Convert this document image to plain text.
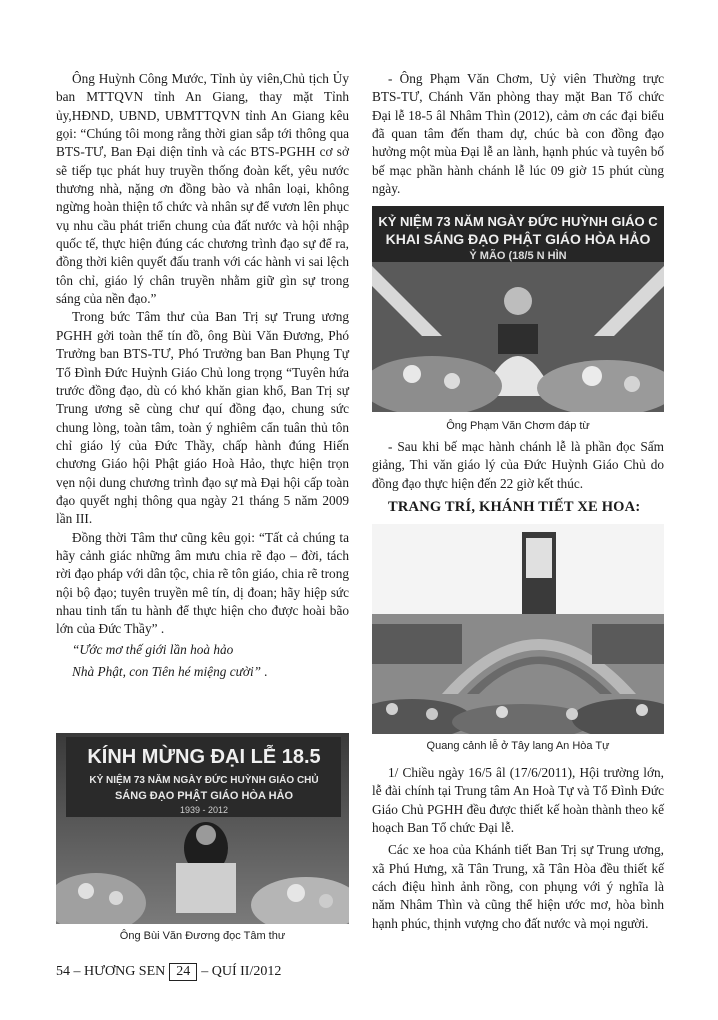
Ông Huỳnh Công Mước, Tỉnh ủy viên,Chủ tịch Ủy ban MTTQVN tỉnh An Giang, thay mặt Tỉnh ủy,HĐND, UBND, UBMTTQVN tỉnh An Giang kêu gọi: “Chúng tôi mong rằng thời gian sắp tới thông qua BTS-TƯ, Ban Đại diện tỉnh và các BTS-PGHH cơ sở sẽ tiếp tục phát huy truyền thống đoàn kết, yêu nước thương nhà, nặng ơn đồng bào và nhân loại, không ngừng hoàn thiện tổ chức và nhân sự để vươn lên phục vụ nhu cầu phát triển chung của đất nước và hội nhập quốc tế, thực hiện đúng các chương trình đạo sự để ra, đồng thời kiên quyết đấu tranh với các hành vi sai lệch tôn chỉ, giáo lý chân truyền nhằm giữ gìn sự trong sáng của nền đạo.”

Trong bức Tâm thư của Ban Trị sự Trung ương PGHH gởi toàn thể tín đồ, ông Bùi Văn Đương, Phó Trưởng ban BTS-TƯ, Phó Trưởng ban Ban Phụng Tự Tổ Đình Đức Huỳnh Giáo Chủ long trọng “Tuyên hứa trước đồng đạo, dù có khó khăn gian khổ, Ban Trị sự Trung ương sẽ cùng chư quí đồng đạo, chung sức chung lòng, toàn tâm, toàn ý nghiêm cẩn tuân thủ tôn chỉ giáo lý của Đức Thầy, chấp hành đúng Hiến chương Giáo hội Phật giáo Hoà Hảo, thực hiện trọn vẹn nội dung chương trình đạo sự mà Đại hội cấp toàn đạo quyết nghị thông qua ngày 21 tháng 5 năm 2009 lần III.

Đồng thời Tâm thư cũng kêu gọi: “Tất cả chúng ta hãy cảnh giác những âm mưu chia rẽ đạo – đời, tách rời đạo pháp với dân tộc, chia rẽ tôn giáo, chia rẽ trong nội bộ đạo; tuyên truyền mê tín, dị đoan; hãy hiệp sức nhau tinh tấn tu hành để thực hiện cho được hoài bão lớn của Đức Thầy” .

“Ước mơ thế giới lần hoà hảo

Nhà Phật, con Tiên hé miệng cười” .

KÍNH MỪNG ĐẠI LỄ 18.5
KỶ NIỆM 73 NĂM NGÀY ĐỨC HUỲNH GIÁO CHỦ
SÁNG ĐẠO PHẬT GIÁO HÒA HẢO
1939 - 2012
Ông Bùi Văn Đương đọc Tâm thư

- Ông Phạm Văn Chơm, Uỷ viên Thường trực BTS-TƯ, Chánh Văn phòng thay mặt Ban Tổ chức Đại lễ 18-5 âl Nhâm Thìn (2012), cảm ơn các đại biểu đã quan tâm đến tham dự, chúc bà con đồng đạo hưởng một mùa Đại lễ an lành, hạnh phúc và tuyên bố bế mạc phần hành chánh lễ lúc 09 giờ 15 phút cùng ngày.

KỶ NIỆM 73 NĂM NGÀY ĐỨC HUỲNH GIÁO C
KHAI SÁNG ĐẠO PHẬT GIÁO HÒA HẢO
Ỷ MÃO (18/5 N HÌN
Ông Phạm Văn Chơm đáp từ

- Sau khi bế mạc hành chánh lễ là phần đọc Sấm giảng, Thi văn giáo lý của Đức Huỳnh Giáo Chủ do đồng đạo thực hiện đến 22 giờ kết thúc.

TRANG TRÍ, KHÁNH TIẾT XE HOA:
Quang cảnh lễ ở Tây lang An Hòa Tự

1/ Chiều ngày 16/5 âl (17/6/2011), Hội trường lớn, lễ đài chính tại Trung tâm An Hoà Tự và Tổ Đình Đức Giáo Chủ PGHH đều được thiết kế hoàn thành theo kế hoạch Ban Tổ chức Đại lễ.

Các xe hoa của Khánh tiết Ban Trị sự Trung ương, xã Phú Hưng, xã Tân Trung, xã Tân Hòa đều thiết kế cách điệu hình ảnh rồng, con phụng với ý nghĩa là năm Nhâm Thìn và cũng thể hiện ước mơ, hòa bình hạnh phúc, thịnh vượng cho đất nước và mọi người.

54 – HƯƠNG SEN 24 – QUÍ II/2012
